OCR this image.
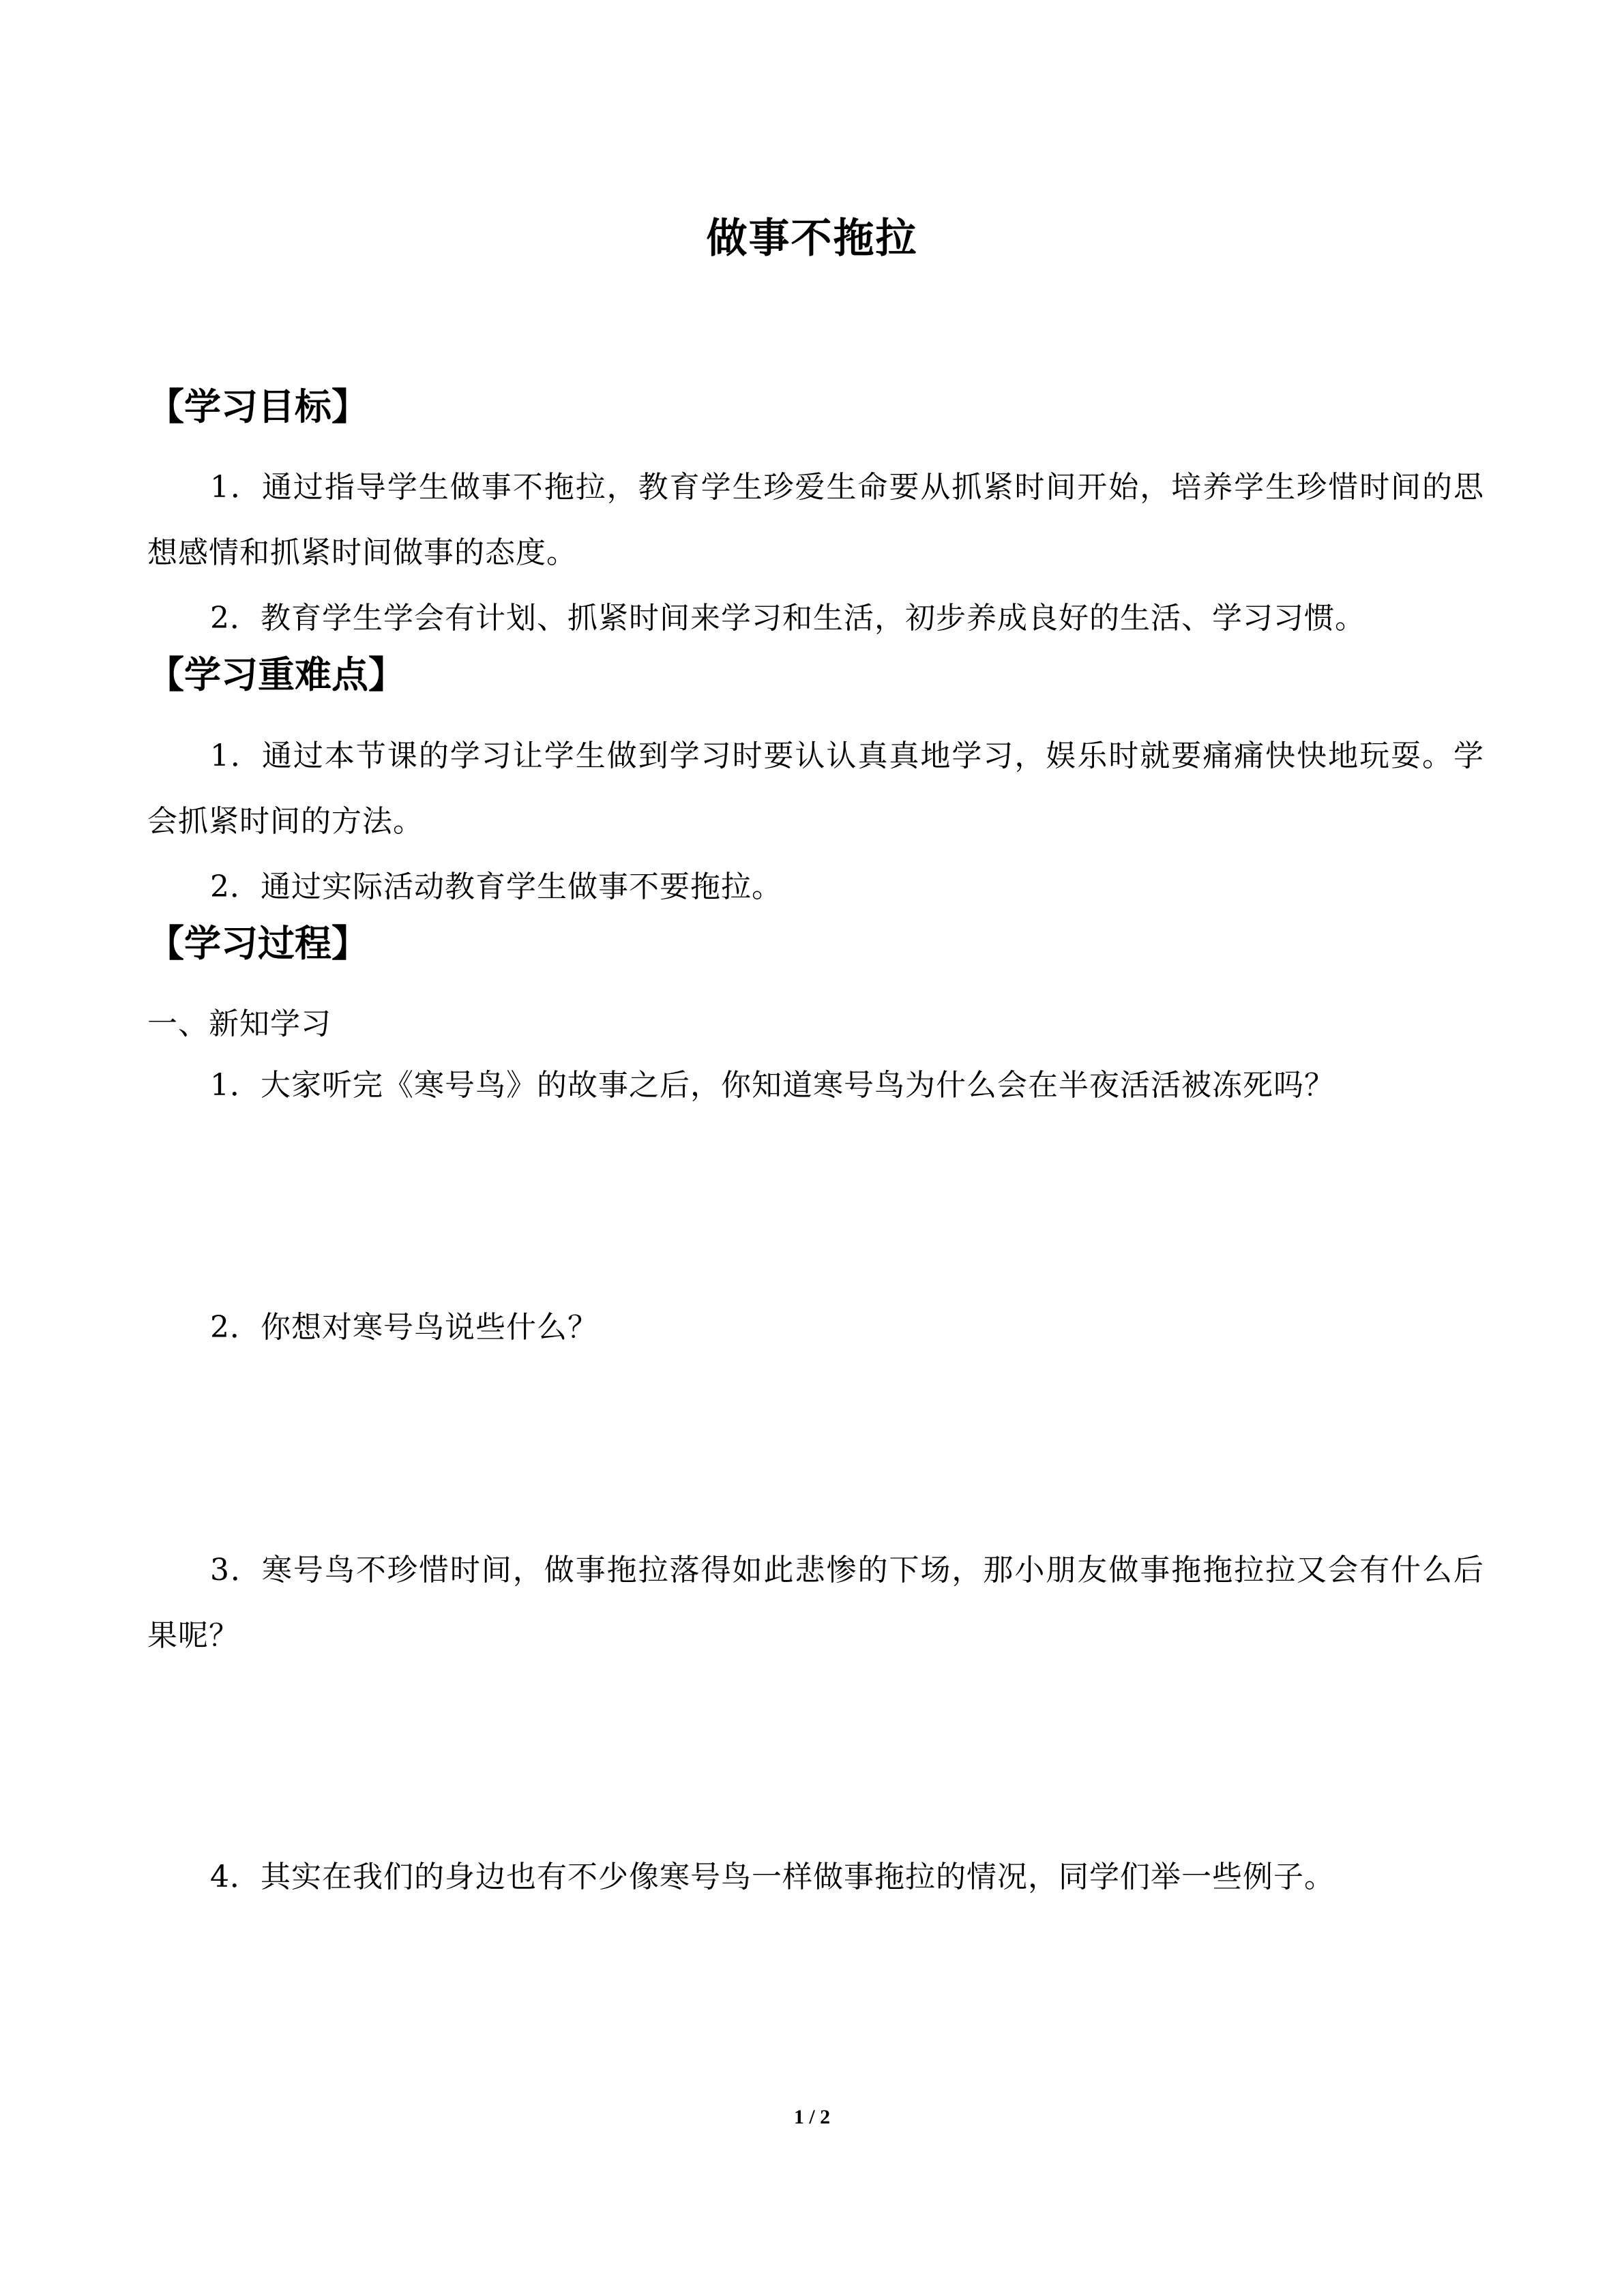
做事不拖拉
【学习目标】
1．通过指导学生做事不拖拉，教育学生珍爱生命要从抓紧时间开始，培养学生珍惜时间的思想感情和抓紧时间做事的态度。
2．教育学生学会有计划、抓紧时间来学习和生活，初步养成良好的生活、学习习惯。
【学习重难点】
1．通过本节课的学习让学生做到学习时要认认真真地学习，娱乐时就要痛痛快快地玩耍。学会抓紧时间的方法。
2．通过实际活动教育学生做事不要拖拉。
【学习过程】
一、新知学习
1．大家听完《寒号鸟》的故事之后，你知道寒号鸟为什么会在半夜活活被冻死吗？
2．你想对寒号鸟说些什么？
3．寒号鸟不珍惜时间，做事拖拉落得如此悲惨的下场，那小朋友做事拖拖拉拉又会有什么后果呢？
4．其实在我们的身边也有不少像寒号鸟一样做事拖拉的情况，同学们举一些例子。
1 / 2
